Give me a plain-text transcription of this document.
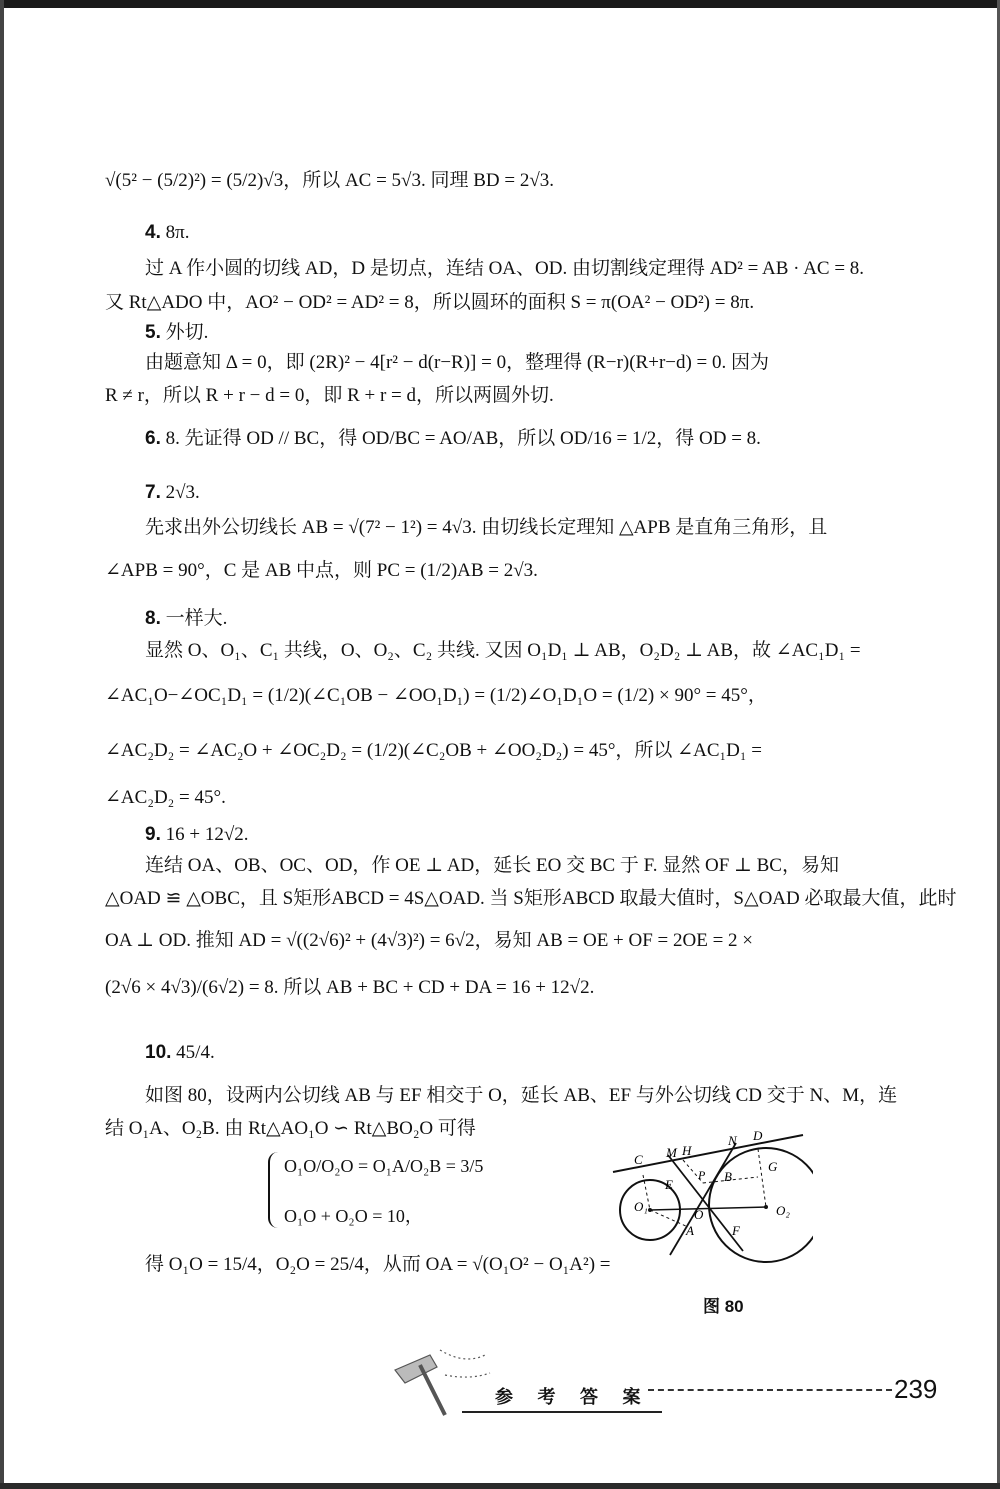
√(5² − (5/2)²) = (5/2)√3，所以 AC = 5√3. 同理 BD = 2√3.
4. 8π.
过 A 作小圆的切线 AD，D 是切点，连结 OA、OD. 由切割线定理得 AD² = AB · AC = 8.
又 Rt△ADO 中，AO² − OD² = AD² = 8，所以圆环的面积 S = π(OA² − OD²) = 8π.
5. 外切.
由题意知 Δ = 0，即 (2R)² − 4[r² − d(r−R)] = 0，整理得 (R−r)(R+r−d) = 0. 因为
R ≠ r，所以 R + r − d = 0，即 R + r = d，所以两圆外切.
6. 8. 先证得 OD // BC，得 OD/BC = AO/AB，所以 OD/16 = 1/2，得 OD = 8.
7. 2√3.
先求出外公切线长 AB = √(7² − 1²) = 4√3. 由切线长定理知 △APB 是直角三角形，且
∠APB = 90°，C 是 AB 中点，则 PC = (1/2)AB = 2√3.
8. 一样大.
显然 O、O₁、C₁ 共线，O、O₂、C₂ 共线. 又因 O₁D₁ ⊥ AB，O₂D₂ ⊥ AB，故 ∠AC₁D₁ =
∠AC₁O−∠OC₁D₁ = (1/2)(∠C₁OB − ∠OO₁D₁) = (1/2)∠O₁D₁O = (1/2) × 90° = 45°，
∠AC₂D₂ = ∠AC₂O + ∠OC₂D₂ = (1/2)(∠C₂OB + ∠OO₂D₂) = 45°，所以 ∠AC₁D₁ =
∠AC₂D₂ = 45°.
9. 16 + 12√2.
连结 OA、OB、OC、OD，作 OE ⊥ AD，延长 EO 交 BC 于 F. 显然 OF ⊥ BC，易知
△OAD ≌ △OBC，且 S矩形ABCD = 4S△OAD. 当 S矩形ABCD 取最大值时，S△OAD 必取最大值，此时
OA ⊥ OD. 推知 AD = √((2√6)² + (4√3)²) = 6√2，易知 AB = OE + OF = 2OE = 2 ×
(2√6 × 4√3)/(6√2) = 8. 所以 AB + BC + CD + DA = 16 + 12√2.
10. 45/4.
如图 80，设两内公切线 AB 与 EF 相交于 O，延长 AB、EF 与外公切线 CD 交于 N、M，连
结 O₁A、O₂B. 由 Rt△AO₁O ∽ Rt△BO₂O 可得
O₁O/O₂O = O₁A/O₂B = 3/5
O₁O + O₂O = 10，
得 O₁O = 15/4，O₂O = 25/4，从而 OA = √(O₁O² − O₁A²) =
C M H
N D
E
P B
G
O₁
O	O₂
A	F
图 80
参 考 答 案	239
